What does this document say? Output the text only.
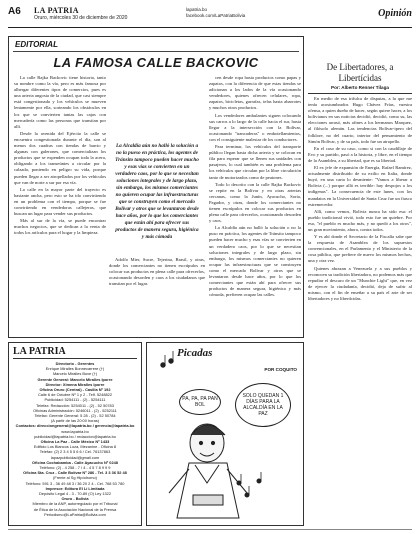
A6 LA PATRIA
Oruro, miércoles 30 de diciembre de 2020
lapatria.bo
facebook.com/LaPatriaBolivia	Opinión
EDITORIAL
LA FAMOSA CALLE BACKOVIC

La calle Rajka Backovic tiene historia, tanto su nombre como la vía, pero es más famosa por albergar diferentes tipos de comercios, pues es una arteria angosta de la ciudad, que casi siempre está congestionada y los vehículos se mueven lentamente por ella, sorteando los obstáculos en los que se convierten tantas las cajas con mercadería como las personas que transitan por allí.

Desde la avenida del Ejército la calle se encuentra congestionada durante el día, son al menos dos cuadras con tiendas de barrio y algunas con galerones, que comercializan los productos que se expenden ocupan toda la acera, obligando a los transeúntes a circular por la calzada, poniendo en peligro su vida, porque pueden llegar a ser atropellados por los vehículos que van de norte a sur por esa vía.

La calle en la mayor parte del trayecto es bastante ancha, pero esto se ha ido convirtiendo en un problema con el tiempo, porque se fue convirtiendo en vendedoras callejeras, que buscan un lugar para vender sus productos.

Más al sur de la vía, se puede encontrar muchos negocios, que se dedican a la venta de todos los artículos para el hogar y la limpieza.

La Alcaldía aún no halló la solución a no la pueso en práctica, los agentes de Tránsito tampoco pueden hacer mucho y esas vías se convierten en un verdadero caos, por lo que se necesitan soluciones integrales y de largo plazo, sin embargo, los mismos comerciantes no quieren ocupar las infraestructuras que se construyen como el mercado Bolívar y otros que se levantaron desde hace años, por lo que los comerciantes que están ahí para ofrecer sus productos de manera segura, higiénica y más cómoda

Adolfo Mier, Sucre, Tejerina, Brasil, y otras, donde los comerciantes no tienen escrúpulos en colocar sus productos en plena calle para ofrecerlos, ocasionando desorden y caos a los ciudadanos que transitan por el lugar.

cen desde ropa hasta productos como papas y zapatos, con la diferencia de que estas tiendas se adicionan a los lados de la vía ocasionando vendedores, quienes ofrecen celulares, ropa, zapatos, bicicletas, garrafas, telas hasta abarrotes y muchos otros productos.

Los vendedores ambulantes siguen colocando sus carros a lo largo de la calle hacia el sur, hasta llegar a la intersección con la Bolívar, ocasionando "trancaderas" o embotellamientos, con el consiguiente malestar de los conductores.

Para terminar, los vehículos del transporte público llegan hasta dicha arteria y se colocan en fila para esperar que se llenen sus unidades con pasajeros, lo cual también es una problema para los vehículos que circulan por la libre circulación tanto de motorizados como de peatones.

Todo lo descrito con la calle Rajka Backovic se repite en la Bolívar y en otras arterias cercanas, como la Junín, Ayacucho, Soria, Pagador, y otras, donde los comerciantes no tienen escrúpulos en colocar sus productos en plena calle para ofrecerlos, ocasionando desorden y caos.

La Alcaldía aún no halló la solución o no la puso en práctica, los agentes de Tránsito tampoco pueden hacer mucho y esas vías se convierten en un verdadero caos, por lo que se necesitan soluciones integrales y de largo plazo, sin embargo, los mismos comerciantes no quieren ocupar las infraestructuras que se construyen como el mercado Bolívar y otros que se levantaron desde hace años, por lo que los comerciantes que están ahí para ofrecer sus productos de manera segura, higiénica y más cómoda, prefieren ocupar las calles.

De Libertadores, a Libertícidas
Por: Alberto Renner Tilaga

En medio de esa trifulca de disputas, a la que me tenía acostumbrados Hugo Chávez Frías, vuestra ofensa, a quien dueño de hacer, según quiere hacer, a los bolivianos en sus noticias decidió, decidió, como su, las elecciones arrasó, más afines a los hermanos Marquez, al filósofo alemán. Las tendencias Bolívar-ipero del folklore, no del cuarto, interior del pensamiento de Simón Bolívar, y de su país, todo fue un atropello.

En el caso de su caso, como si con la caudillaje de Evo y su partido, pasó a la historia, y libre, en el tiempo de la Asamblea, a su libertad, que es su libertad.

El ex jefe de expansión de Energía, Rafael Ramírez, actualmente distribuido de su exilio en Italia, donde huyó, en una carta lo desmiente: "Vamos a liberar a Bolivia (...) porque allá es terrible: hay despojos a los indígenas". La consecuencia de este lunes, con los mandatos en la Universidad de Santa Cruz fue un fiasco estremecedor.

Allí, como vemos, Bolivia nunca ha sido esa: el pueblo tradicional vivió, todo esto fue un quiebre. Por eso, "el pueblo es mucho más, y no quedó a los otros", un gran movimiento, ahora, contra todos.

Y es ahí donde el Secretario de la Fiscalía sabe que la respuesta de Asamblea de los supuestos convencionales, en el Parlamento y el Ministerio de la cosa pública, que prefiere de nuevo los mismos hechos, una y otra vez.

Quienes abrazan a Venezuela y a sus pueblos y reconocen su tradición libertadora, no podemos más que repudiar el descaro de un "Munchie Light" que, en vez de ejercer la ciudadanía, decidió, deja de sufrir al mismo, con el fin de enseñar a su país el arte de ser libertadores y no libertícidas.

LA PATRIA
Directorio - Gerentes
Enrique Miralles Bonnecarrere (†)
Marcelo Miralles Bove (†)
Gerente General: Marcelo Miralles Iporre
Director: Ximena Miralles Iporre
Oficina Oruro (Central) - Casilla Nº 192
Calle 6 de Octubre Nº 1 y 2 - Telf. 5248822
Publicidad: 5254111 - (2) - 5254111
Telefax: Redacción: 5254011 - (2) - 52 50783
Oficinas Administración: 5246011 - (2) - 5252111
Telefax: Gerente General: 5 28 - (2) - 52 50784
(A partir de las 20:00 horas)
Contactos: direcciongeneral@lapatria.bo / gerencia@lapatria.bo
www.lapatria.bo
publicidad@lapatria.bo / redaccion@lapatria.bo
Oficina La Paz - Calle México Nº 1433
Edificio Los Blancos Loza, Mezanine - Oficina 8
Telefax: (2) 2 3 4 5 5 6 6 / Cel. 76137863
lapazpublicidad@gmail.com
Oficina Cochabamba - Calle Ayacucho Nº 0248
Teléfono: (2) - 4 258 - 7 / 4 - 4 5 7 8 9 9 9
Oficina Sta. Cruz - Calle Bolívar Nº 286 - Tel. 3 3 36 52 48
(Frente al Sg Hipódromo)
Teléfono: 591 3 - 36 49 48 3 / 36 20 2 4 - Cel. 768 53 780
Impresor: Editora El Lí Limitada
Depósito Legal 4 - 3 - 70-89 (O) Ley 1322
Oruro - Bolivia
Miembro de la ANP, autorregulado por el Tribunal
de Ética de la Asociación Nacional de la Prensa
Periodismo@LaPatria@Bolivia.com
Picadas
POR COQUITO
PA, PA, PA PAN BOL
SOLO QUEDAN 1 DÍAS PARA LA ALCALDÍA EN LA PAZ
